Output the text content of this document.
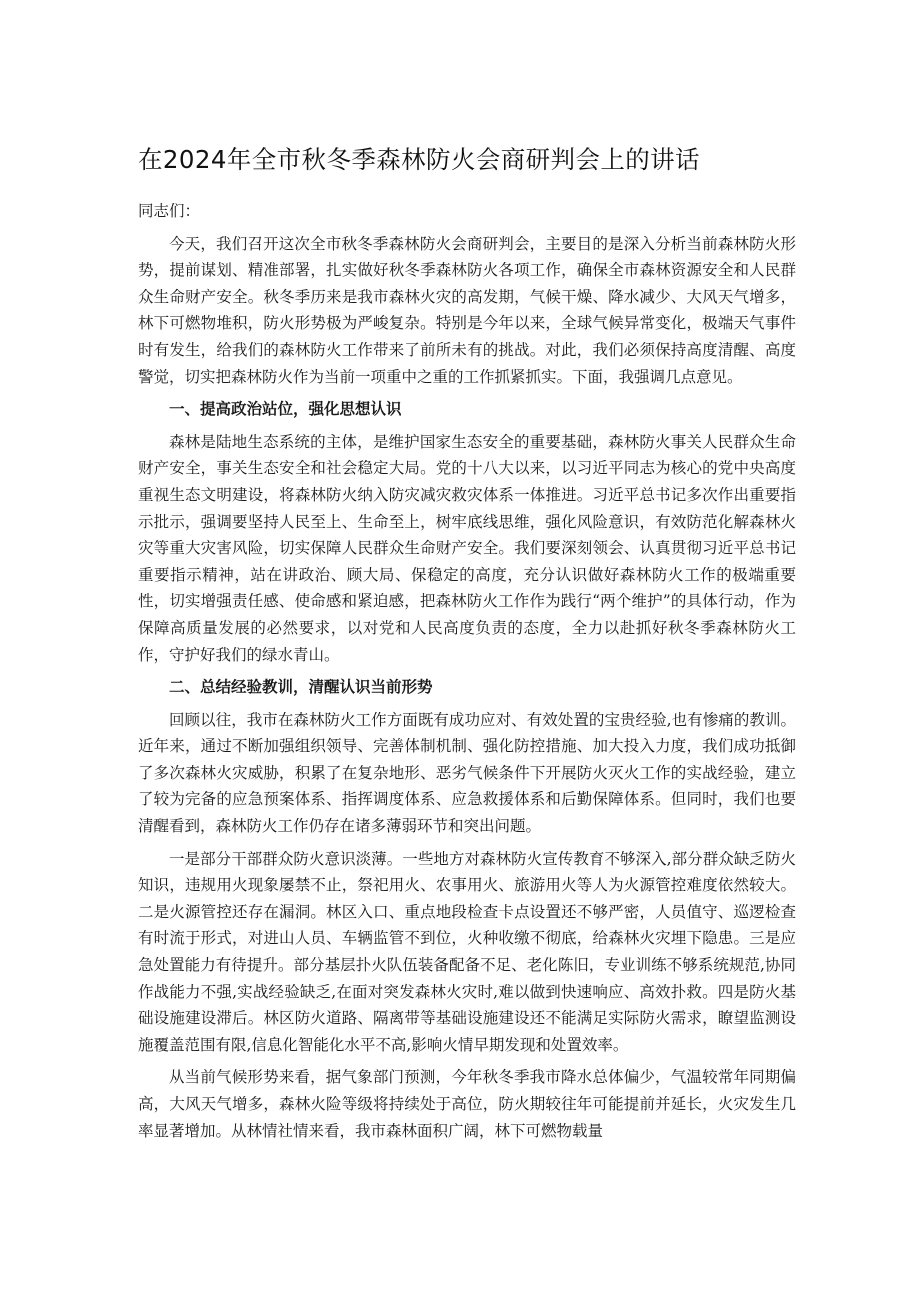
在2024年全市秋冬季森林防火会商研判会上的讲话

同志们：

今天，我们召开这次全市秋冬季森林防火会商研判会，主要目的是深入分析当前森林防火形势，提前谋划、精准部署，扎实做好秋冬季森林防火各项工作，确保全市森林资源安全和人民群众生命财产安全。秋冬季历来是我市森林火灾的高发期，气候干燥、降水减少、大风天气增多，林下可燃物堆积，防火形势极为严峻复杂。特别是今年以来，全球气候异常变化，极端天气事件时有发生，给我们的森林防火工作带来了前所未有的挑战。对此，我们必须保持高度清醒、高度警觉，切实把森林防火作为当前一项重中之重的工作抓紧抓实。下面，我强调几点意见。

一、提高政治站位，强化思想认识

森林是陆地生态系统的主体，是维护国家生态安全的重要基础，森林防火事关人民群众生命财产安全，事关生态安全和社会稳定大局。党的十八大以来，以习近平同志为核心的党中央高度重视生态文明建设，将森林防火纳入防灾减灾救灾体系一体推进。习近平总书记多次作出重要指示批示，强调要坚持人民至上、生命至上，树牢底线思维，强化风险意识，有效防范化解森林火灾等重大灾害风险，切实保障人民群众生命财产安全。我们要深刻领会、认真贯彻习近平总书记重要指示精神，站在讲政治、顾大局、保稳定的高度，充分认识做好森林防火工作的极端重要性，切实增强责任感、使命感和紧迫感，把森林防火工作作为践行“两个维护”的具体行动，作为保障高质量发展的必然要求，以对党和人民高度负责的态度，全力以赴抓好秋冬季森林防火工作，守护好我们的绿水青山。

二、总结经验教训，清醒认识当前形势

回顾以往，我市在森林防火工作方面既有成功应对、有效处置的宝贵经验,也有惨痛的教训。近年来，通过不断加强组织领导、完善体制机制、强化防控措施、加大投入力度，我们成功抵御了多次森林火灾威胁，积累了在复杂地形、恶劣气候条件下开展防火灭火工作的实战经验，建立了较为完备的应急预案体系、指挥调度体系、应急救援体系和后勤保障体系。但同时，我们也要清醒看到，森林防火工作仍存在诸多薄弱环节和突出问题。

一是部分干部群众防火意识淡薄。一些地方对森林防火宣传教育不够深入,部分群众缺乏防火知识，违规用火现象屡禁不止，祭祀用火、农事用火、旅游用火等人为火源管控难度依然较大。二是火源管控还存在漏洞。林区入口、重点地段检查卡点设置还不够严密，人员值守、巡逻检查有时流于形式，对进山人员、车辆监管不到位，火种收缴不彻底，给森林火灾埋下隐患。三是应急处置能力有待提升。部分基层扑火队伍装备配备不足、老化陈旧，专业训练不够系统规范,协同作战能力不强,实战经验缺乏,在面对突发森林火灾时,难以做到快速响应、高效扑救。四是防火基础设施建设滞后。林区防火道路、隔离带等基础设施建设还不能满足实际防火需求，瞭望监测设施覆盖范围有限,信息化智能化水平不高,影响火情早期发现和处置效率。

从当前气候形势来看，据气象部门预测，今年秋冬季我市降水总体偏少，气温较常年同期偏高，大风天气增多，森林火险等级将持续处于高位，防火期较往年可能提前并延长，火灾发生几率显著增加。从林情社情来看，我市森林面积广阔，林下可燃物载量
